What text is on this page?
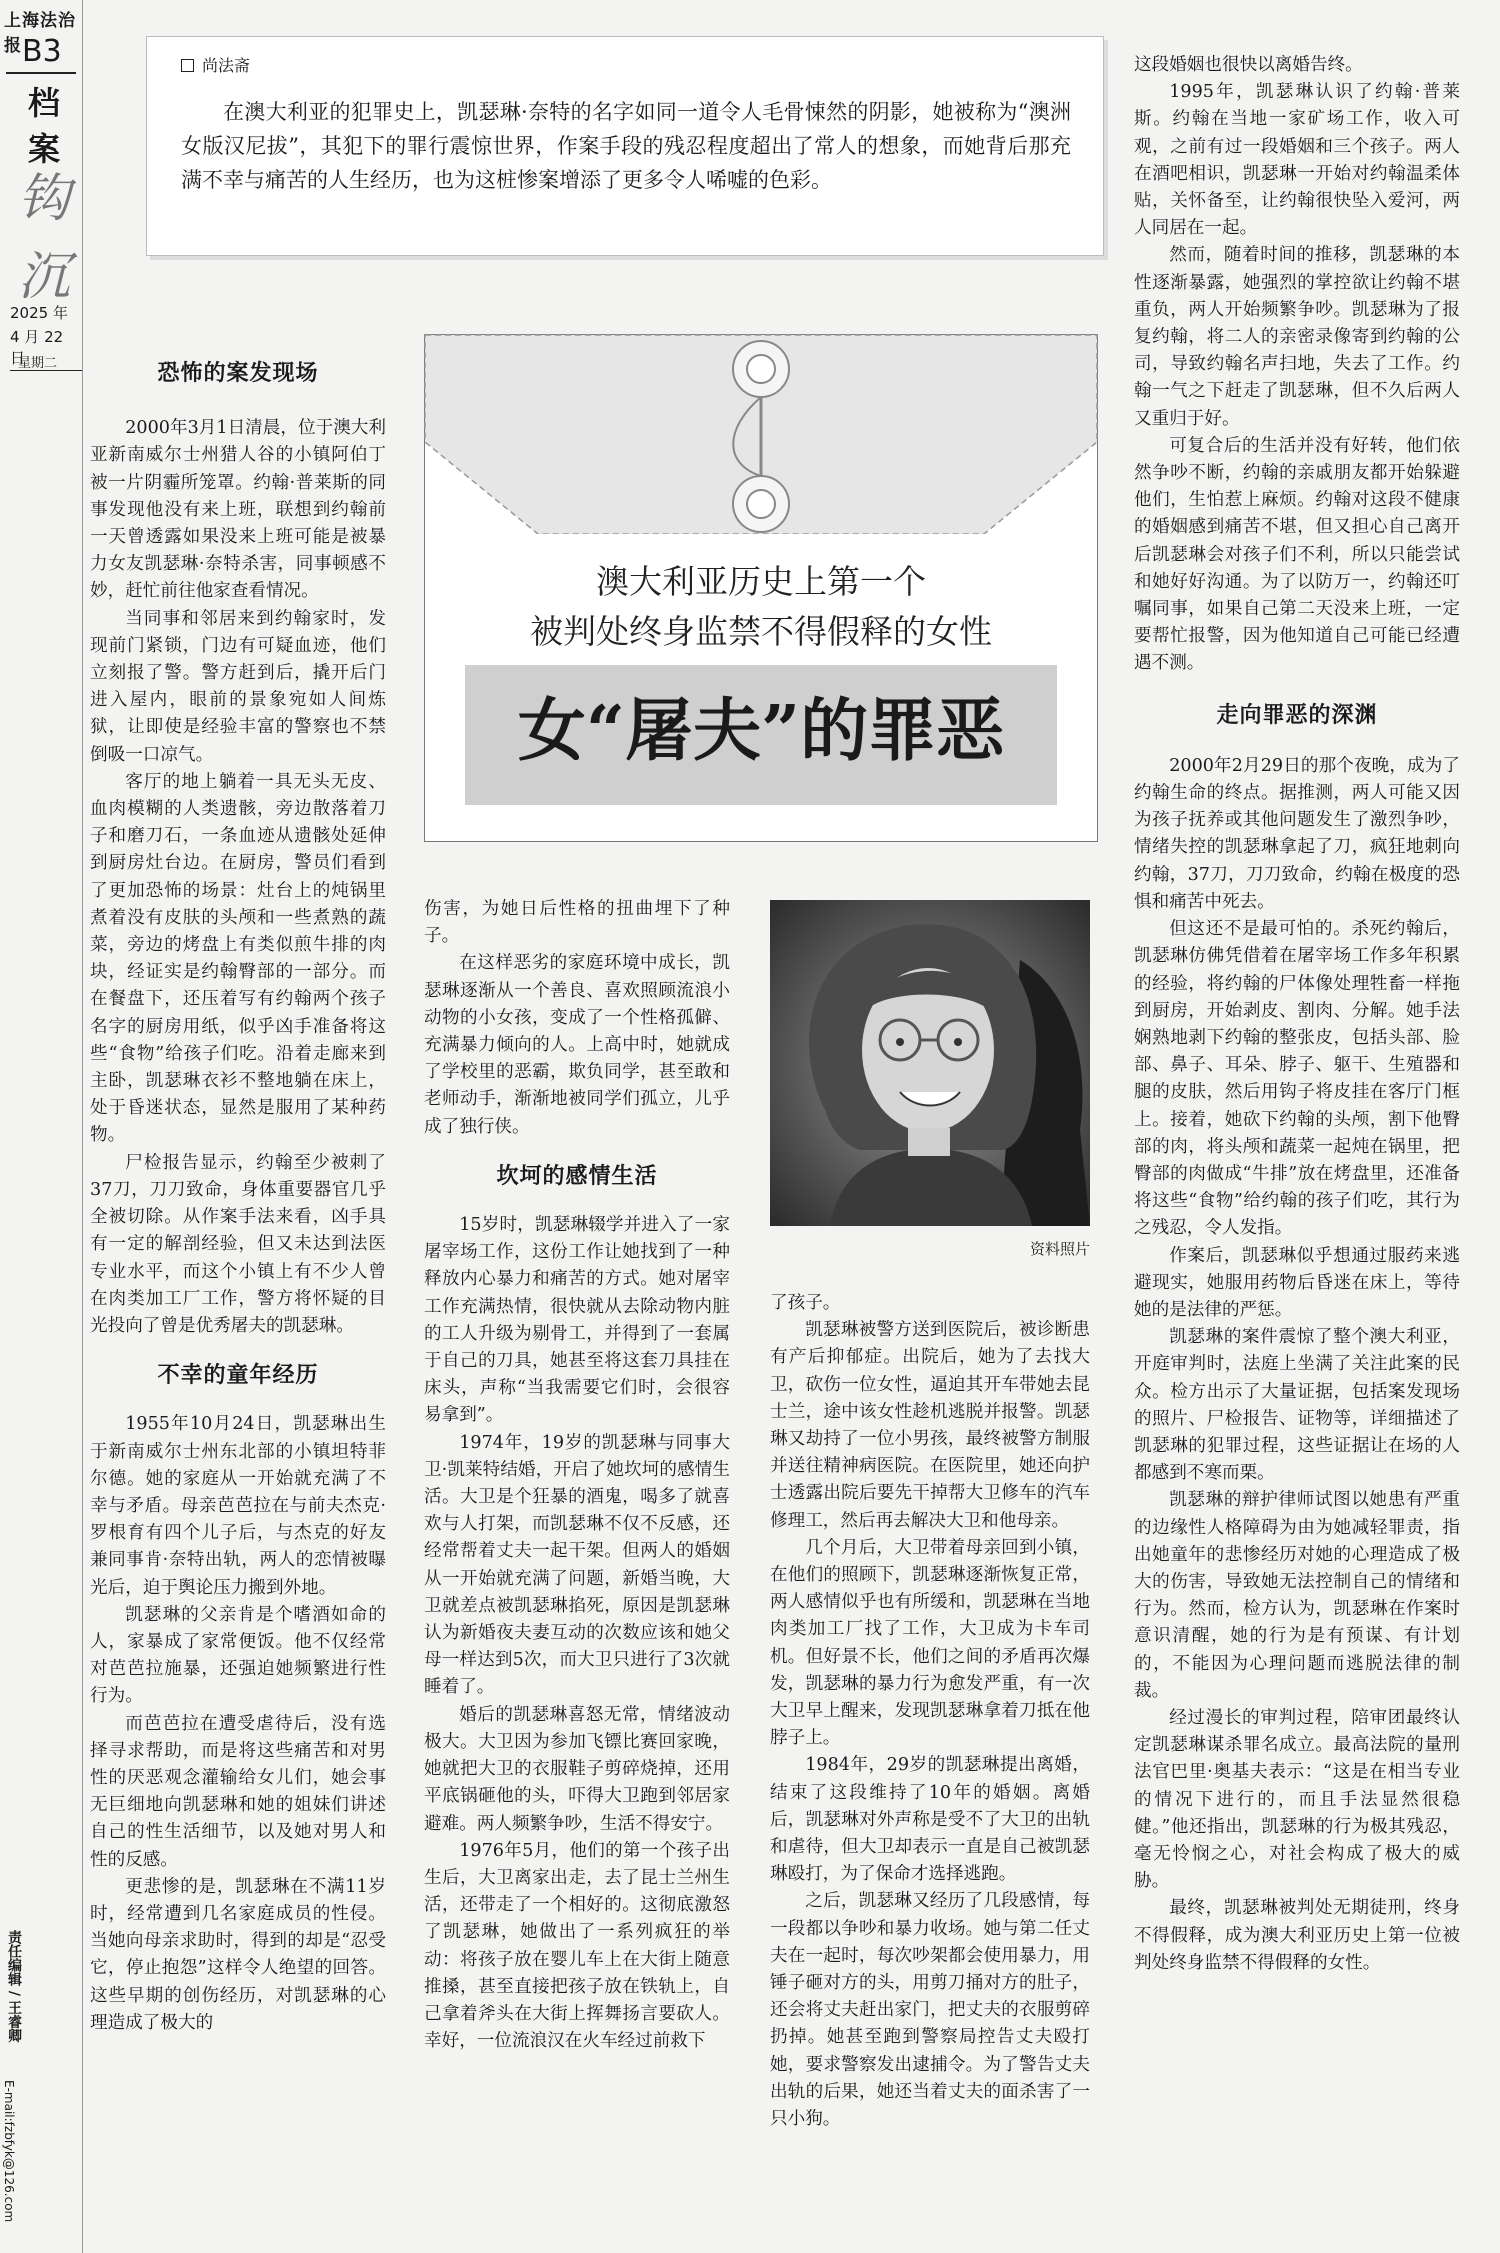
上海法治报 B3
档案
钩沉
2025 年
4 月 22 日
星期二
责任编辑 / 王睿卿
E-mail:fzbfyk@126.com
尚法斋
在澳大利亚的犯罪史上，凯瑟琳·奈特的名字如同一道令人毛骨悚然的阴影，她被称为“澳洲女版汉尼拔”，其犯下的罪行震惊世界，作案手段的残忍程度超出了常人的想象，而她背后那充满不幸与痛苦的人生经历，也为这桩惨案增添了更多令人唏嘘的色彩。
恐怖的案发现场

2000年3月1日清晨，位于澳大利亚新南威尔士州猎人谷的小镇阿伯丁被一片阴霾所笼罩。约翰·普莱斯的同事发现他没有来上班，联想到约翰前一天曾透露如果没来上班可能是被暴力女友凯瑟琳·奈特杀害，同事顿感不妙，赶忙前往他家查看情况。

当同事和邻居来到约翰家时，发现前门紧锁，门边有可疑血迹，他们立刻报了警。警方赶到后，撬开后门进入屋内，眼前的景象宛如人间炼狱，让即使是经验丰富的警察也不禁倒吸一口凉气。

客厅的地上躺着一具无头无皮、血肉模糊的人类遗骸，旁边散落着刀子和磨刀石，一条血迹从遗骸处延伸到厨房灶台边。在厨房，警员们看到了更加恐怖的场景：灶台上的炖锅里煮着没有皮肤的头颅和一些煮熟的蔬菜，旁边的烤盘上有类似煎牛排的肉块，经证实是约翰臀部的一部分。而在餐盘下，还压着写有约翰两个孩子名字的厨房用纸，似乎凶手准备将这些“食物”给孩子们吃。沿着走廊来到主卧，凯瑟琳衣衫不整地躺在床上，处于昏迷状态，显然是服用了某种药物。

尸检报告显示，约翰至少被刺了37刀，刀刀致命，身体重要器官几乎全被切除。从作案手法来看，凶手具有一定的解剖经验，但又未达到法医专业水平，而这个小镇上有不少人曾在肉类加工厂工作，警方将怀疑的目光投向了曾是优秀屠夫的凯瑟琳。

不幸的童年经历

1955年10月24日，凯瑟琳出生于新南威尔士州东北部的小镇坦特菲尔德。她的家庭从一开始就充满了不幸与矛盾。母亲芭芭拉在与前夫杰克·罗根育有四个儿子后，与杰克的好友兼同事肯·奈特出轨，两人的恋情被曝光后，迫于舆论压力搬到外地。

凯瑟琳的父亲肯是个嗜酒如命的人，家暴成了家常便饭。他不仅经常对芭芭拉施暴，还强迫她频繁进行性行为。

而芭芭拉在遭受虐待后，没有选择寻求帮助，而是将这些痛苦和对男性的厌恶观念灌输给女儿们，她会事无巨细地向凯瑟琳和她的姐妹们讲述自己的性生活细节，以及她对男人和性的反感。

更悲惨的是，凯瑟琳在不满11岁时，经常遭到几名家庭成员的性侵。当她向母亲求助时，得到的却是“忍受它，停止抱怨”这样令人绝望的回答。这些早期的创伤经历，对凯瑟琳的心理造成了极大的

澳大利亚历史上第一个
被判处终身监禁不得假释的女性
女“屠夫”的罪恶

伤害，为她日后性格的扭曲埋下了种子。

在这样恶劣的家庭环境中成长，凯瑟琳逐渐从一个善良、喜欢照顾流浪小动物的小女孩，变成了一个性格孤僻、充满暴力倾向的人。上高中时，她就成了学校里的恶霸，欺负同学，甚至敢和老师动手，渐渐地被同学们孤立，儿乎成了独行侠。

坎坷的感情生活

15岁时，凯瑟琳辍学并进入了一家屠宰场工作，这份工作让她找到了一种释放内心暴力和痛苦的方式。她对屠宰工作充满热情，很快就从去除动物内脏的工人升级为剔骨工，并得到了一套属于自己的刀具，她甚至将这套刀具挂在床头，声称“当我需要它们时，会很容易拿到”。

1974年，19岁的凯瑟琳与同事大卫·凯莱特结婚，开启了她坎坷的感情生活。大卫是个狂暴的酒鬼，喝多了就喜欢与人打架，而凯瑟琳不仅不反感，还经常帮着丈夫一起干架。但两人的婚姻从一开始就充满了问题，新婚当晚，大卫就差点被凯瑟琳掐死，原因是凯瑟琳认为新婚夜夫妻互动的次数应该和她父母一样达到5次，而大卫只进行了3次就睡着了。

婚后的凯瑟琳喜怒无常，情绪波动极大。大卫因为参加飞镖比赛回家晚，她就把大卫的衣服鞋子剪碎烧掉，还用平底锅砸他的头，吓得大卫跑到邻居家避难。两人频繁争吵，生活不得安宁。

1976年5月，他们的第一个孩子出生后，大卫离家出走，去了昆士兰州生活，还带走了一个相好的。这彻底激怒了凯瑟琳，她做出了一系列疯狂的举动：将孩子放在婴儿车上在大街上随意推搡，甚至直接把孩子放在铁轨上，自己拿着斧头在大街上挥舞扬言要砍人。幸好，一位流浪汉在火车经过前救下

资料照片

了孩子。

凯瑟琳被警方送到医院后，被诊断患有产后抑郁症。出院后，她为了去找大卫，砍伤一位女性，逼迫其开车带她去昆士兰，途中该女性趁机逃脱并报警。凯瑟琳又劫持了一位小男孩，最终被警方制服并送往精神病医院。在医院里，她还向护士透露出院后要先干掉帮大卫修车的汽车修理工，然后再去解决大卫和他母亲。

几个月后，大卫带着母亲回到小镇，在他们的照顾下，凯瑟琳逐渐恢复正常，两人感情似乎也有所缓和，凯瑟琳在当地肉类加工厂找了工作，大卫成为卡车司机。但好景不长，他们之间的矛盾再次爆发，凯瑟琳的暴力行为愈发严重，有一次大卫早上醒来，发现凯瑟琳拿着刀抵在他脖子上。

1984年，29岁的凯瑟琳提出离婚，结束了这段维持了10年的婚姻。离婚后，凯瑟琳对外声称是受不了大卫的出轨和虐待，但大卫却表示一直是自己被凯瑟琳殴打，为了保命才选择逃跑。

之后，凯瑟琳又经历了几段感情，每一段都以争吵和暴力收场。她与第二任丈夫在一起时，每次吵架都会使用暴力，用锤子砸对方的头，用剪刀捅对方的肚子，还会将丈夫赶出家门，把丈夫的衣服剪碎扔掉。她甚至跑到警察局控告丈夫殴打她，要求警察发出逮捕令。为了警告丈夫出轨的后果，她还当着丈夫的面杀害了一只小狗。

这段婚姻也很快以离婚告终。

1995年，凯瑟琳认识了约翰·普莱斯。约翰在当地一家矿场工作，收入可观，之前有过一段婚姻和三个孩子。两人在酒吧相识，凯瑟琳一开始对约翰温柔体贴，关怀备至，让约翰很快坠入爱河，两人同居在一起。

然而，随着时间的推移，凯瑟琳的本性逐渐暴露，她强烈的掌控欲让约翰不堪重负，两人开始频繁争吵。凯瑟琳为了报复约翰，将二人的亲密录像寄到约翰的公司，导致约翰名声扫地，失去了工作。约翰一气之下赶走了凯瑟琳，但不久后两人又重归于好。

可复合后的生活并没有好转，他们依然争吵不断，约翰的亲戚朋友都开始躲避他们，生怕惹上麻烦。约翰对这段不健康的婚姻感到痛苦不堪，但又担心自己离开后凯瑟琳会对孩子们不利，所以只能尝试和她好好沟通。为了以防万一，约翰还叮嘱同事，如果自己第二天没来上班，一定要帮忙报警，因为他知道自己可能已经遭遇不测。

走向罪恶的深渊

2000年2月29日的那个夜晚，成为了约翰生命的终点。据推测，两人可能又因为孩子抚养或其他问题发生了激烈争吵，情绪失控的凯瑟琳拿起了刀，疯狂地刺向约翰，37刀，刀刀致命，约翰在极度的恐惧和痛苦中死去。

但这还不是最可怕的。杀死约翰后，凯瑟琳仿佛凭借着在屠宰场工作多年积累的经验，将约翰的尸体像处理牲畜一样拖到厨房，开始剥皮、割肉、分解。她手法娴熟地剥下约翰的整张皮，包括头部、脸部、鼻子、耳朵、脖子、躯干、生殖器和腿的皮肤，然后用钩子将皮挂在客厅门框上。接着，她砍下约翰的头颅，割下他臀部的肉，将头颅和蔬菜一起炖在锅里，把臀部的肉做成“牛排”放在烤盘里，还准备将这些“食物”给约翰的孩子们吃，其行为之残忍，令人发指。

作案后，凯瑟琳似乎想通过服药来逃避现实，她服用药物后昏迷在床上，等待她的是法律的严惩。

凯瑟琳的案件震惊了整个澳大利亚，开庭审判时，法庭上坐满了关注此案的民众。检方出示了大量证据，包括案发现场的照片、尸检报告、证物等，详细描述了凯瑟琳的犯罪过程，这些证据让在场的人都感到不寒而栗。

凯瑟琳的辩护律师试图以她患有严重的边缘性人格障碍为由为她减轻罪责，指出她童年的悲惨经历对她的心理造成了极大的伤害，导致她无法控制自己的情绪和行为。然而，检方认为，凯瑟琳在作案时意识清醒，她的行为是有预谋、有计划的，不能因为心理问题而逃脱法律的制裁。

经过漫长的审判过程，陪审团最终认定凯瑟琳谋杀罪名成立。最高法院的量刑法官巴里·奥基夫表示：“这是在相当专业的情况下进行的，而且手法显然很稳健。”他还指出，凯瑟琳的行为极其残忍，毫无怜悯之心，对社会构成了极大的威胁。

最终，凯瑟琳被判处无期徒刑，终身不得假释，成为澳大利亚历史上第一位被判处终身监禁不得假释的女性。
